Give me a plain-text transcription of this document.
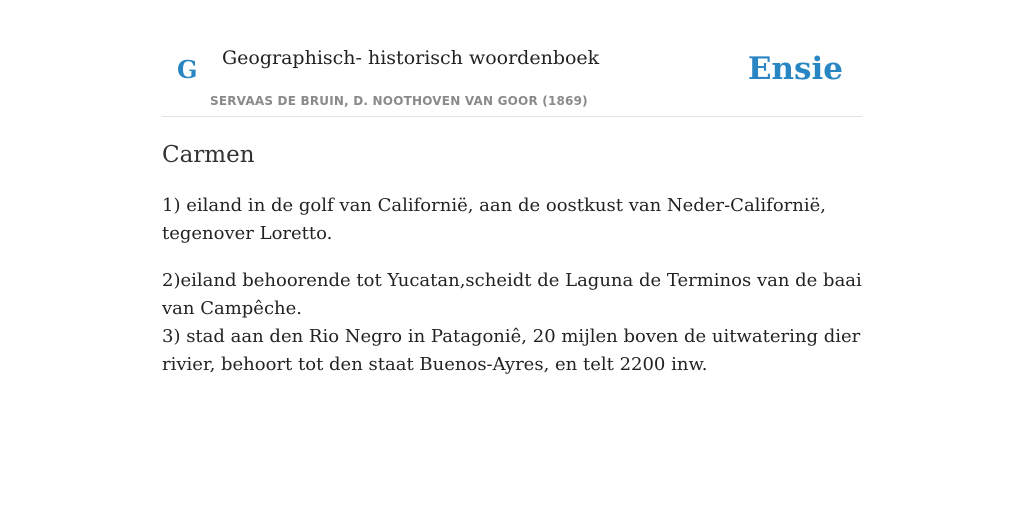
G Geographisch- historisch woordenboek
SERVAAS DE BRUIN, D. NOOTHOVEN VAN GOOR (1869)
Ensie
Carmen

1) eiland in de golf van Californië, aan de oostkust van Neder-Californië, tegenover Loretto.

2)eiland behoorende tot Yucatan,scheidt de Laguna de Terminos van de baai van Campêche.

3) stad aan den Rio Negro in Patagoniê, 20 mijlen boven de uitwatering dier rivier, behoort tot den staat Buenos-Ayres, en telt 2200 inw.
